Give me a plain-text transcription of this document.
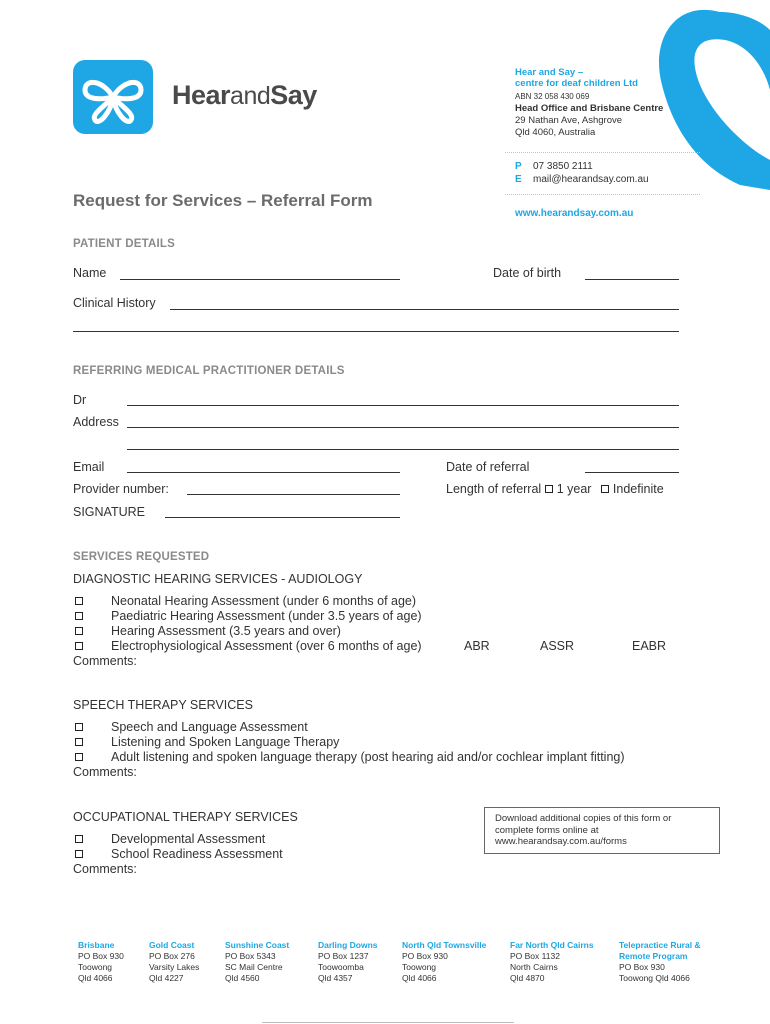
HearandSay
Hear and Say –
centre for deaf children Ltd
ABN 32 058 430 069
Head Office and Brisbane Centre
29 Nathan Ave, Ashgrove
Qld 4060, Australia
P 07 3850 2111
E mail@hearandsay.com.au
www.hearandsay.com.au
Request for Services – Referral Form
PATIENT DETAILS
Name	Date of birth
Clinical History
REFERRING MEDICAL PRACTITIONER DETAILS
Dr
Address
Email	Date of referral
Provider number:	Length of referral 1 year Indefinite
SIGNATURE
SERVICES REQUESTED
DIAGNOSTIC HEARING SERVICES - AUDIOLOGY
Neonatal Hearing Assessment (under 6 months of age)
Paediatric Hearing Assessment (under 3.5 years of age)
Hearing Assessment (3.5 years and over)
Electrophysiological Assessment (over 6 months of age)	ABR	ASSR	EABR
Comments:
SPEECH THERAPY SERVICES
Speech and Language Assessment
Listening and Spoken Language Therapy
Adult listening and spoken language therapy (post hearing aid and/or cochlear implant fitting)
Comments:
OCCUPATIONAL THERAPY SERVICES
Developmental Assessment
School Readiness Assessment
Comments:
Download additional copies of this form or complete forms online at www.hearandsay.com.au/forms
Brisbane
PO Box 930
Toowong
Qld 4066
Gold Coast
PO Box 276
Varsity Lakes
Qld 4227
Sunshine Coast
PO Box 5343
SC Mail Centre
Qld 4560
Darling Downs
PO Box 1237
Toowoomba
Qld 4357
North Qld Townsville
PO Box 930
Toowong
Qld 4066
Far North Qld Cairns
PO Box 1132
North Cairns
Qld 4870
Telepractice Rural &
Remote Program
PO Box 930
Toowong Qld 4066
